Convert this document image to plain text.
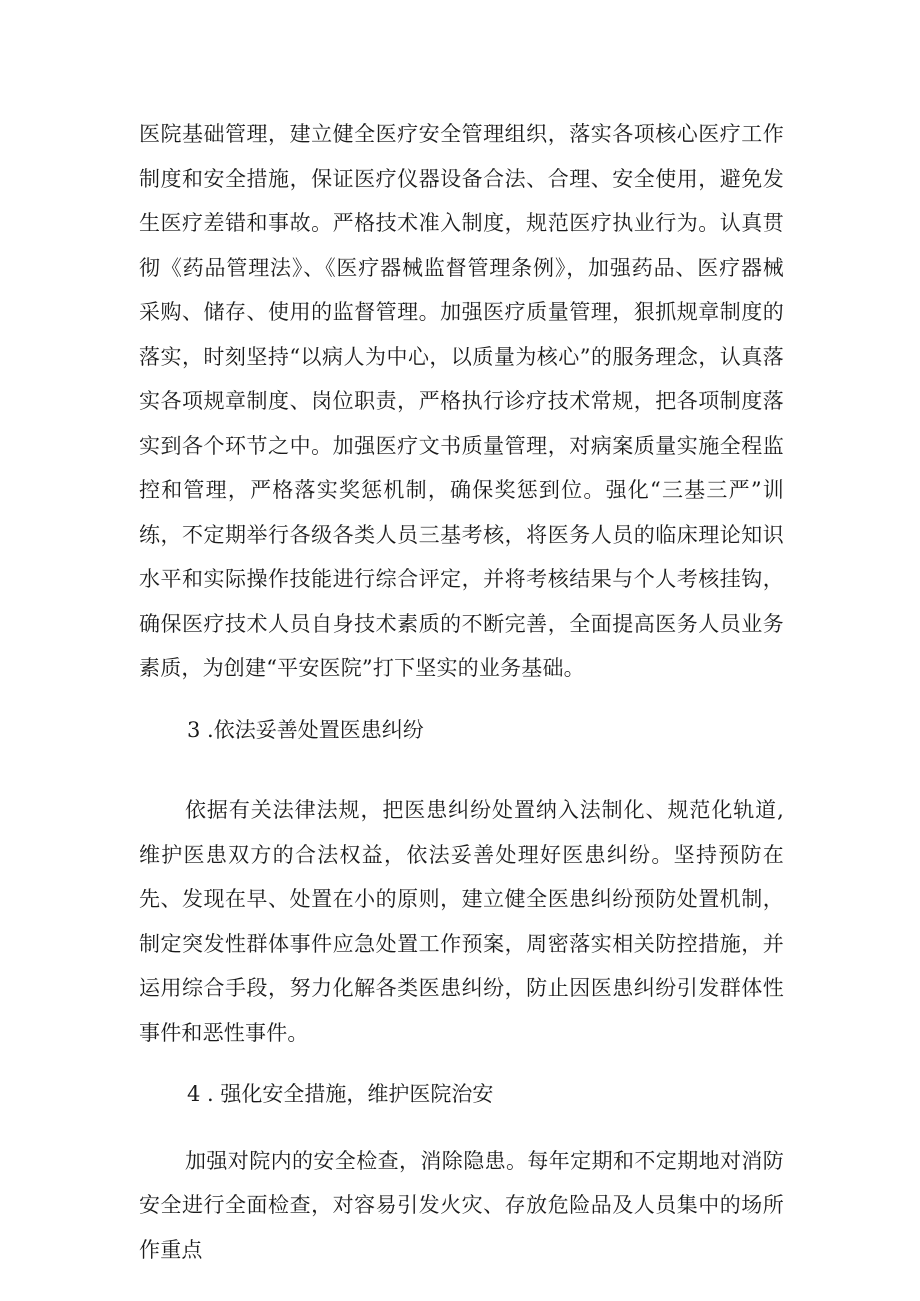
医院基础管理，建立健全医疗安全管理组织，落实各项核心医疗工作制度和安全措施，保证医疗仪器设备合法、合理、安全使用，避免发生医疗差错和事故。严格技术准入制度，规范医疗执业行为。认真贯彻《药品管理法》、《医疗器械监督管理条例》，加强药品、医疗器械采购、储存、使用的监督管理。加强医疗质量管理，狠抓规章制度的落实，时刻坚持“以病人为中心，以质量为核心”的服务理念，认真落实各项规章制度、岗位职责，严格执行诊疗技术常规，把各项制度落实到各个环节之中。加强医疗文书质量管理，对病案质量实施全程监控和管理，严格落实奖惩机制，确保奖惩到位。强化“三基三严”训练，不定期举行各级各类人员三基考核，将医务人员的临床理论知识水平和实际操作技能进行综合评定，并将考核结果与个人考核挂钩，确保医疗技术人员自身技术素质的不断完善，全面提高医务人员业务素质，为创建“平安医院”打下坚实的业务基础。

3 .依法妥善处置医患纠纷

依据有关法律法规，把医患纠纷处置纳入法制化、规范化轨道,维护医患双方的合法权益，依法妥善处理好医患纠纷。坚持预防在先、发现在早、处置在小的原则，建立健全医患纠纷预防处置机制，制定突发性群体事件应急处置工作预案，周密落实相关防控措施，并运用综合手段，努力化解各类医患纠纷，防止因医患纠纷引发群体性事件和恶性事件。

4 . 强化安全措施，维护医院治安

加强对院内的安全检查，消除隐患。每年定期和不定期地对消防安全进行全面检查，对容易引发火灾、存放危险品及人员集中的场所作重点
